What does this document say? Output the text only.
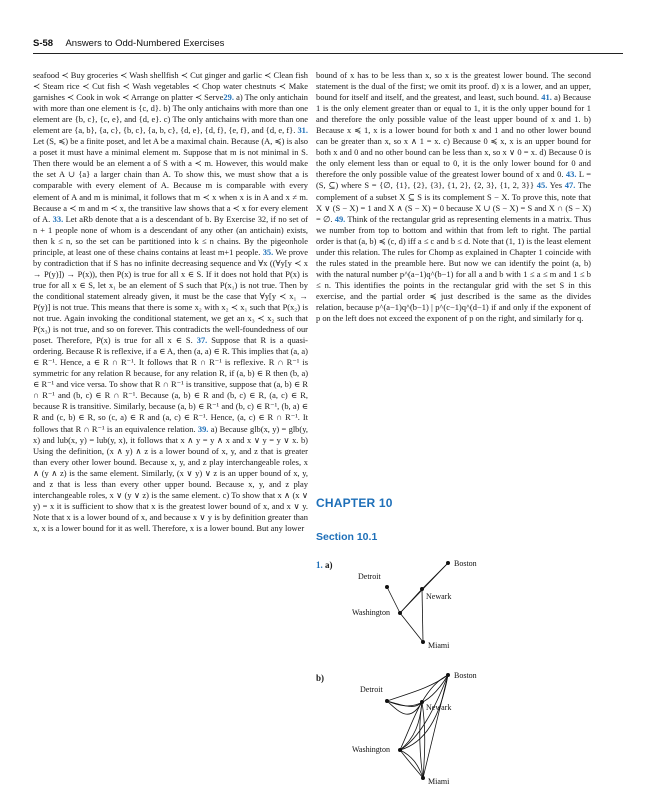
S-58 Answers to Odd-Numbered Exercises

seafood ≺ Buy groceries ≺ Wash shellfish ≺ Cut ginger and garlic ≺ Clean fish ≺ Steam rice ≺ Cut fish ≺ Wash vegetables ≺ Chop water chestnuts ≺ Make garnishes ≺ Cook in wok ≺ Arrange on platter ≺ Serve29. a) The only antichain with more than one element is {c, d}. b) The only antichains with more than one element are {b, c}, {c, e}, and {d, e}. c) The only antichains with more than one element are {a, b}, {a, c}, {b, c}, {a, b, c}, {d, e}, {d, f}, {e, f}, and {d, e, f}. 31. Let (S, ≼) be a finite poset, and let A be a maximal chain. Because (A, ≼) is also a poset it must have a minimal element m. Suppose that m is not minimal in S. Then there would be an element a of S with a ≺ m. However, this would make the set A ∪ {a} a larger chain than A. To show this, we must show that a is comparable with every element of A. Because m is comparable with every element of A and m is minimal, it follows that m ≺ x when x is in A and x ≠ m. Because a ≺ m and m ≺ x, the transitive law shows that a ≺ x for every element of A. 33. Let aRb denote that a is a descendant of b. By Exercise 32, if no set of n + 1 people none of whom is a descendant of any other (an antichain) exists, then k ≤ n, so the set can be partitioned into k ≤ n chains. By the pigeonhole principle, at least one of these chains contains at least m+1 people. 35. We prove by contradiction that if S has no infinite decreasing sequence and ∀x ((∀y[y ≺ x → P(y)]) → P(x)), then P(x) is true for all x ∈ S. If it does not hold that P(x) is true for all x ∈ S, let x₁ be an element of S such that P(x₁) is not true. Then by the conditional statement already given, it must be the case that ∀y[y ≺ x₁ → P(y)] is not true. This means that there is some x₂ with x₂ ≺ x₁ such that P(x₂) is not true. Again invoking the conditional statement, we get an x₃ ≺ x₂ such that P(x₃) is not true, and so on forever. This contradicts the well-foundedness of our poset. Therefore, P(x) is true for all x ∈ S. 37. Suppose that R is a quasi-ordering. Because R is reflexive, if a ∈ A, then (a, a) ∈ R. This implies that (a, a) ∈ R⁻¹. Hence, a ∈ R ∩ R⁻¹. It follows that R ∩ R⁻¹ is reflexive. R ∩ R⁻¹ is symmetric for any relation R because, for any relation R, if (a, b) ∈ R then (b, a) ∈ R⁻¹ and vice versa. To show that R ∩ R⁻¹ is transitive, suppose that (a, b) ∈ R ∩ R⁻¹ and (b, c) ∈ R ∩ R⁻¹. Because (a, b) ∈ R and (b, c) ∈ R, (a, c) ∈ R, because R is transitive. Similarly, because (a, b) ∈ R⁻¹ and (b, c) ∈ R⁻¹, (b, a) ∈ R and (c, b) ∈ R, so (c, a) ∈ R and (a, c) ∈ R⁻¹. Hence, (a, c) ∈ R ∩ R⁻¹. It follows that R ∩ R⁻¹ is an equivalence relation. 39. a) Because glb(x, y) = glb(y, x) and lub(x, y) = lub(y, x), it follows that x ∧ y = y ∧ x and x ∨ y = y ∨ x. b) Using the definition, (x ∧ y) ∧ z is a lower bound of x, y, and z that is greater than every other lower bound. Because x, y, and z play interchangeable roles, x ∧ (y ∧ z) is the same element. Similarly, (x ∨ y) ∨ z is an upper bound of x, y, and z that is less than every other upper bound. Because x, y, and z play interchangeable roles, x ∨ (y ∨ z) is the same element. c) To show that x ∧ (x ∨ y) = x it is sufficient to show that x is the greatest lower bound of x, and x ∨ y. Note that x is a lower bound of x, and because x ∨ y is by definition greater than x, x is a lower bound for it as well. Therefore, x is a lower bound. But any lower

bound of x has to be less than x, so x is the greatest lower bound. The second statement is the dual of the first; we omit its proof. d) x is a lower, and an upper, bound for itself and itself, and the greatest, and least, such bound. 41. a) Because 1 is the only element greater than or equal to 1, it is the only upper bound for 1 and therefore the only possible value of the least upper bound of x and 1. b) Because x ≼ 1, x is a lower bound for both x and 1 and no other lower bound can be greater than x, so x ∧ 1 = x. c) Because 0 ≼ x, x is an upper bound for both x and 0 and no other bound can be less than x, so x ∨ 0 = x. d) Because 0 is the only element less than or equal to 0, it is the only lower bound for 0 and therefore the only possible value of the greatest lower bound of x and 0. 43. L = (S, ⊆) where S = {∅, {1}, {2}, {3}, {1, 2}, {2, 3}, {1, 2, 3}} 45. Yes 47. The complement of a subset X ⊆ S is its complement S − X. To prove this, note that X ∨ (S − X) = 1 and X ∧ (S − X) = 0 because X ∪ (S − X) = S and X ∩ (S − X) = ∅. 49. Think of the rectangular grid as representing elements in a matrix. Thus we number from top to bottom and within that from left to right. The partial order is that (a, b) ≼ (c, d) iff a ≤ c and b ≤ d. Note that (1, 1) is the least element under this relation. The rules for Chomp as explained in Chapter 1 coincide with the rules stated in the preamble here. But now we can identify the point (a, b) with the natural number p^(a−1)q^(b−1) for all a and b with 1 ≤ a ≤ m and 1 ≤ b ≤ n. This identifies the points in the rectangular grid with the set S in this exercise, and the partial order ≼ just described is the same as the divides relation, because p^(a−1)q^(b−1) | p^(c−1)q^(d−1) if and only if the exponent of p on the left does not exceed the exponent of p on the right, and similarly for q.

CHAPTER 10
Section 10.1
1. a)
b)
Detroit
Washington
Boston
Newark
Miami
Detroit
Washington
Boston
Newark
Miami
